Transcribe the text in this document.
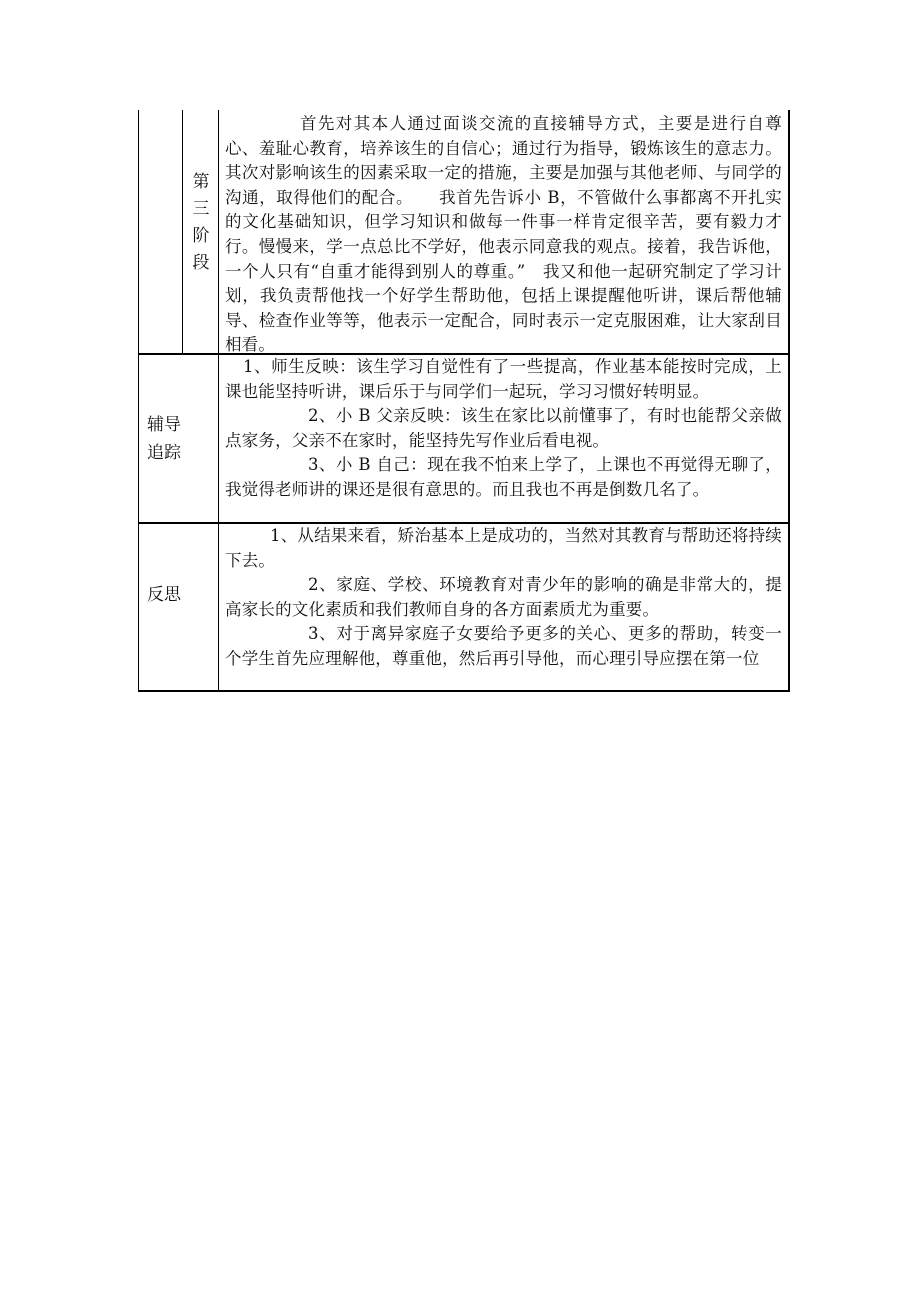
第
三
阶
段

首先对其本人通过面谈交流的直接辅导方式，主要是进行自尊心、羞耻心教育，培养该生的自信心；通过行为指导，锻炼该生的意志力。其次对影响该生的因素采取一定的措施，主要是加强与其他老师、与同学的沟通，取得他们的配合。　　我首先告诉小 B，不管做什么事都离不开扎实的文化基础知识，但学习知识和做每一件事一样肯定很辛苦，要有毅力才行。慢慢来，学一点总比不学好，他表示同意我的观点。接着，我告诉他，一个人只有“自重才能得到别人的尊重。”　我又和他一起研究制定了学习计划，我负责帮他找一个好学生帮助他，包括上课提醒他听讲，课后帮他辅导、检查作业等等，他表示一定配合，同时表示一定克服困难，让大家刮目相看。

辅导
追踪

1、师生反映：该生学习自觉性有了一些提高，作业基本能按时完成，上课也能坚持听讲，课后乐于与同学们一起玩，学习习惯好转明显。

2、小 B 父亲反映：该生在家比以前懂事了，有时也能帮父亲做点家务，父亲不在家时，能坚持先写作业后看电视。

3、小 B 自己：现在我不怕来上学了，上课也不再觉得无聊了，我觉得老师讲的课还是很有意思的。而且我也不再是倒数几名了。

反思

1、从结果来看，矫治基本上是成功的，当然对其教育与帮助还将持续下去。

2、家庭、学校、环境教育对青少年的影响的确是非常大的，提高家长的文化素质和我们教师自身的各方面素质尤为重要。

3、对于离异家庭子女要给予更多的关心、更多的帮助，转变一个学生首先应理解他，尊重他，然后再引导他，而心理引导应摆在第一位
